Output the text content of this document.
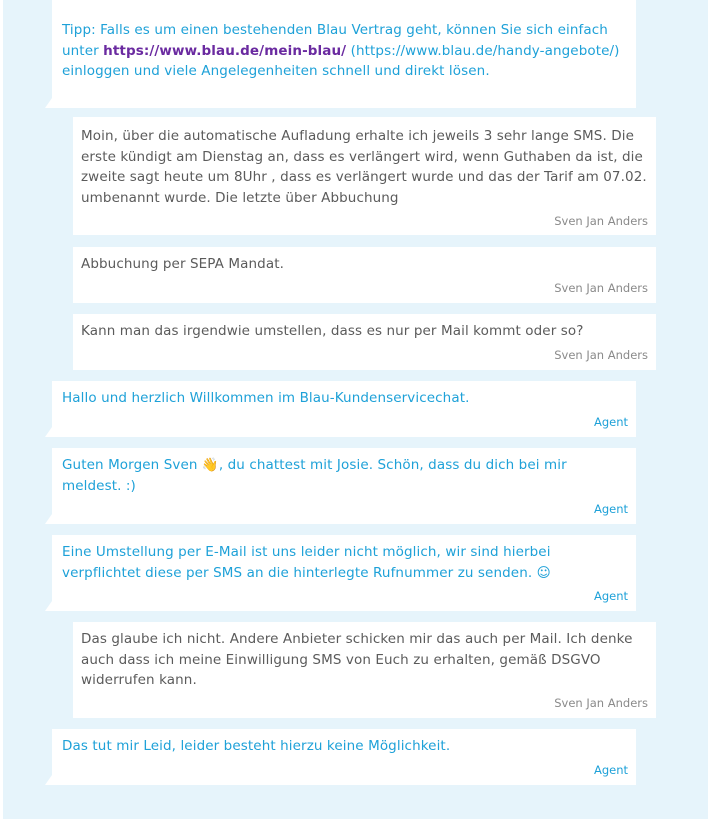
Tipp: Falls es um einen bestehenden Blau Vertrag geht, können Sie sich einfach unter https://www.blau.de/mein-blau/ (https://www.blau.de/handy-angebote/) einloggen und viele Angelegenheiten schnell und direkt lösen.
Moin, über die automatische Aufladung erhalte ich jeweils 3 sehr lange SMS. Die erste kündigt am Dienstag an, dass es verlängert wird, wenn Guthaben da ist, die zweite sagt heute um 8Uhr , dass es verlängert wurde und das der Tarif am 07.02. umbenannt wurde. Die letzte über Abbuchung
Sven Jan Anders
Abbuchung per SEPA Mandat.
Sven Jan Anders
Kann man das irgendwie umstellen, dass es nur per Mail kommt oder so?
Sven Jan Anders
Hallo und herzlich Willkommen im Blau-Kundenservicechat.
Agent
Guten Morgen Sven 👋, du chattest mit Josie. Schön, dass du dich bei mir meldest. :)
Agent
Eine Umstellung per E-Mail ist uns leider nicht möglich, wir sind hierbei verpflichtet diese per SMS an die hinterlegte Rufnummer zu senden. ☺
Agent
Das glaube ich nicht. Andere Anbieter schicken mir das auch per Mail. Ich denke auch dass ich meine Einwilligung SMS von Euch zu erhalten, gemäß DSGVO widerrufen kann.
Sven Jan Anders
Das tut mir Leid, leider besteht hierzu keine Möglichkeit.
Agent
